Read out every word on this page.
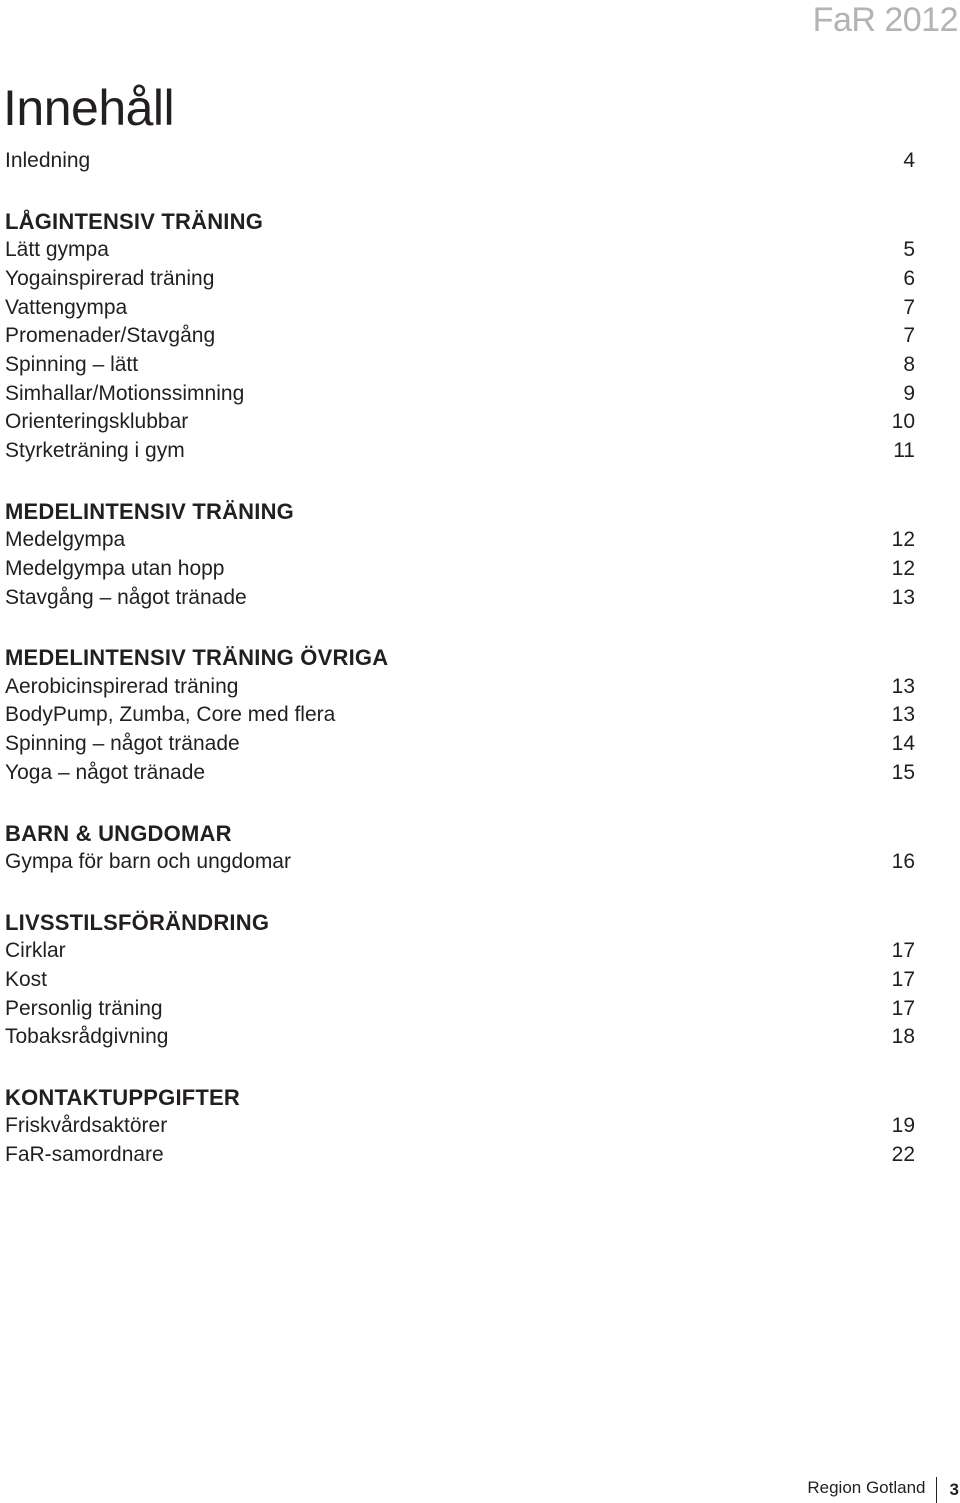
FaR 2012
Innehåll
Inledning	4
LÅGINTENSIV TRÄNING
Lätt gympa	5
Yogainspirerad träning	6
Vattengympa	7
Promenader/Stavgång	7
Spinning – lätt	8
Simhallar/Motionssimning	9
Orienteringsklubbar	10
Styrketräning i gym	11
MEDELINTENSIV TRÄNING
Medelgympa	12
Medelgympa utan hopp	12
Stavgång – något tränade	13
MEDELINTENSIV TRÄNING ÖVRIGA
Aerobicinspirerad träning	13
BodyPump, Zumba, Core med flera	13
Spinning – något tränade	14
Yoga – något tränade	15
BARN & UNGDOMAR
Gympa för barn och ungdomar	16
LIVSSTILSFÖRÄNDRING
Cirklar	17
Kost	17
Personlig träning	17
Tobaksrådgivning	18
KONTAKTUPPGIFTER
Friskvårdsaktörer	19
FaR-samordnare	22
Region Gotland	3
